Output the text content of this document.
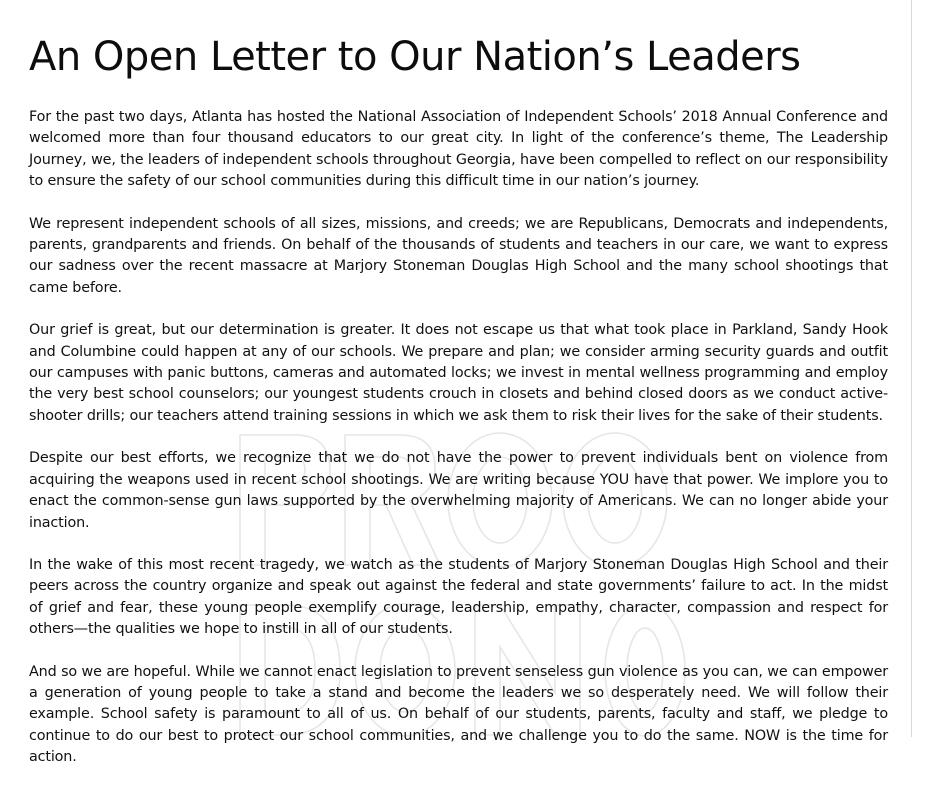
An Open Letter to Our Nation’s Leaders

For the past two days, Atlanta has hosted the National Association of Independent Schools’ 2018 Annual Conference and welcomed more than four thousand educators to our great city. In light of the conference’s theme, The Leadership Journey, we, the leaders of independent schools throughout Georgia, have been compelled to reflect on our responsibility to ensure the safety of our school communities during this difficult time in our nation’s journey.

We represent independent schools of all sizes, missions, and creeds; we are Republicans, Democrats and independents, parents, grandparents and friends. On behalf of the thousands of students and teachers in our care, we want to express our sadness over the recent massacre at Marjory Stoneman Douglas High School and the many school shootings that came before.

Our grief is great, but our determination is greater. It does not escape us that what took place in Parkland, Sandy Hook and Columbine could happen at any of our schools. We prepare and plan; we consider arming security guards and outfit our campuses with panic buttons, cameras and automated locks; we invest in mental wellness programming and employ the very best school counselors; our youngest students crouch in closets and behind closed doors as we conduct active-shooter drills; our teachers attend training sessions in which we ask them to risk their lives for the sake of their students.

Despite our best efforts, we recognize that we do not have the power to prevent individuals bent on violence from acquiring the weapons used in recent school shootings. We are writing because YOU have that power. We implore you to enact the common-sense gun laws supported by the overwhelming majority of Americans. We can no longer abide your inaction.

In the wake of this most recent tragedy, we watch as the students of Marjory Stoneman Douglas High School and their peers across the country organize and speak out against the federal and state governments’ failure to act. In the midst of grief and fear, these young people exemplify courage, leadership, empathy, character, compassion and respect for others—the qualities we hope to instill in all of our students.

And so we are hopeful. While we cannot enact legislation to prevent senseless gun violence as you can, we can empower a generation of young people to take a stand and become the leaders we so desperately need. We will follow their example. School safety is paramount to all of us. On behalf of our students, parents, faculty and staff, we pledge to continue to do our best to protect our school communities, and we challenge you to do the same. NOW is the time for action.
